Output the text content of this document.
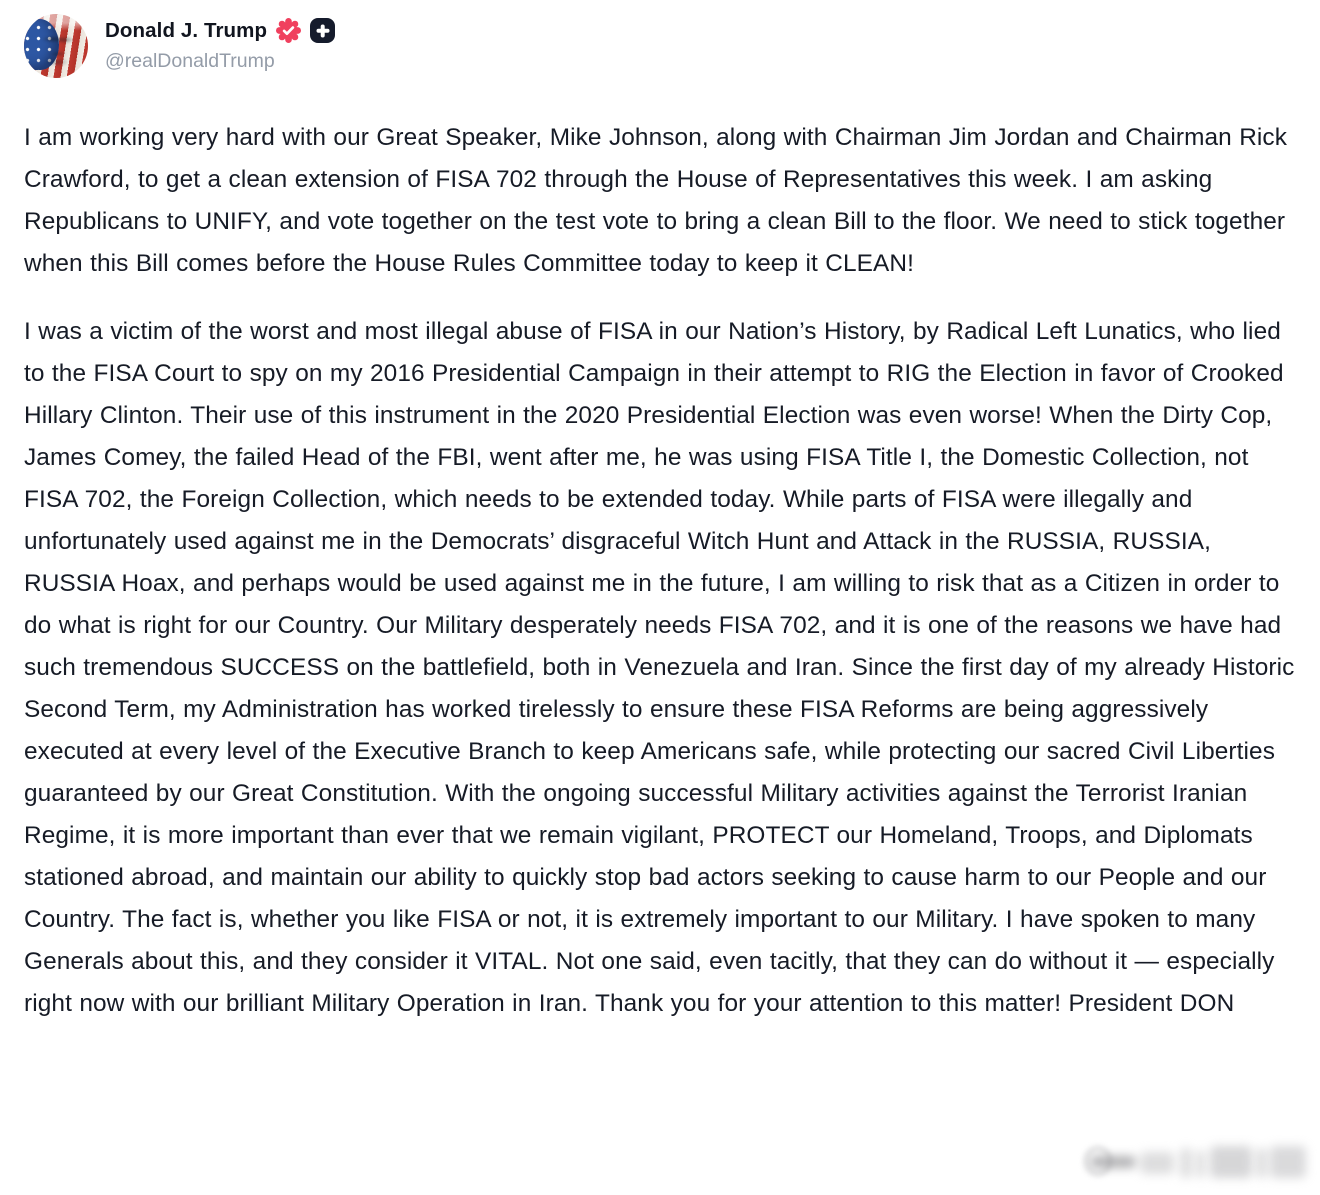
Donald J. Trump
@realDonaldTrump

I am working very hard with our Great Speaker, Mike Johnson, along with Chairman Jim Jordan and Chairman Rick Crawford, to get a clean extension of FISA 702 through the House of Representatives this week. I am asking Republicans to UNIFY, and vote together on the test vote to bring a clean Bill to the floor. We need to stick together when this Bill comes before the House Rules Committee today to keep it CLEAN!

I was a victim of the worst and most illegal abuse of FISA in our Nation’s History, by Radical Left Lunatics, who lied to the FISA Court to spy on my 2016 Presidential Campaign in their attempt to RIG the Election in favor of Crooked Hillary Clinton. Their use of this instrument in the 2020 Presidential Election was even worse! When the Dirty Cop, James Comey, the failed Head of the FBI, went after me, he was using FISA Title I, the Domestic Collection, not FISA 702, the Foreign Collection, which needs to be extended today. While parts of FISA were illegally and unfortunately used against me in the Democrats’ disgraceful Witch Hunt and Attack in the RUSSIA, RUSSIA, RUSSIA Hoax, and perhaps would be used against me in the future, I am willing to risk that as a Citizen in order to do what is right for our Country. Our Military desperately needs FISA 702, and it is one of the reasons we have had such tremendous SUCCESS on the battlefield, both in Venezuela and Iran. Since the first day of my already Historic Second Term, my Administration has worked tirelessly to ensure these FISA Reforms are being aggressively executed at every level of the Executive Branch to keep Americans safe, while protecting our sacred Civil Liberties guaranteed by our Great Constitution. With the ongoing successful Military activities against the Terrorist Iranian Regime, it is more important than ever that we remain vigilant, PROTECT our Homeland, Troops, and Diplomats stationed abroad, and maintain our ability to quickly stop bad actors seeking to cause harm to our People and our Country. The fact is, whether you like FISA or not, it is extremely important to our Military. I have spoken to many Generals about this, and they consider it VITAL. Not one said, even tacitly, that they can do without it — especially right now with our brilliant Military Operation in Iran. Thank you for your attention to this matter! President DON
